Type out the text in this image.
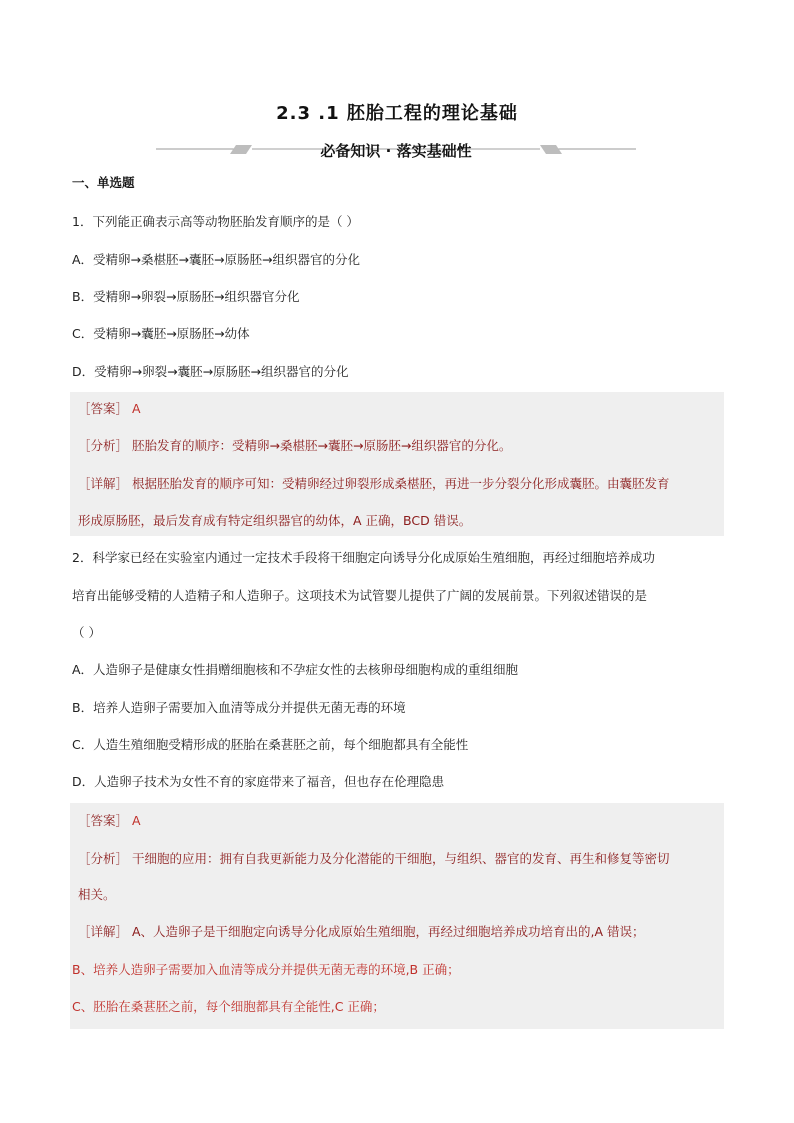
2.3 .1 胚胎工程的理论基础
必备知识 · 落实基础性
一、单选题
1．下列能正确表示高等动物胚胎发育顺序的是（ ）
A．受精卵→桑椹胚→囊胚→原肠胚→组织器官的分化
B．受精卵→卵裂→原肠胚→组织器官分化
C．受精卵→囊胚→原肠胚→幼体
D．受精卵→卵裂→囊胚→原肠胚→组织器官的分化
［答案］ A
［分析］ 胚胎发育的顺序：受精卵→桑椹胚→囊胚→原肠胚→组织器官的分化。
［详解］ 根据胚胎发育的顺序可知：受精卵经过卵裂形成桑椹胚，再进一步分裂分化形成囊胚。由囊胚发育
形成原肠胚，最后发育成有特定组织器官的幼体，A 正确，BCD 错误。
2．科学家已经在实验室内通过一定技术手段将干细胞定向诱导分化成原始生殖细胞，再经过细胞培养成功
培育出能够受精的人造精子和人造卵子。这项技术为试管婴儿提供了广阔的发展前景。下列叙述错误的是
（ ）
A．人造卵子是健康女性捐赠细胞核和不孕症女性的去核卵母细胞构成的重组细胞
B．培养人造卵子需要加入血清等成分并提供无菌无毒的环境
C．人造生殖细胞受精形成的胚胎在桑葚胚之前，每个细胞都具有全能性
D．人造卵子技术为女性不育的家庭带来了福音，但也存在伦理隐患
［答案］ A
［分析］ 干细胞的应用：拥有自我更新能力及分化潜能的干细胞，与组织、器官的发育、再生和修复等密切
相关。
［详解］ A、人造卵子是干细胞定向诱导分化成原始生殖细胞，再经过细胞培养成功培育出的,A 错误；
B、培养人造卵子需要加入血清等成分并提供无菌无毒的环境,B 正确；
C、胚胎在桑葚胚之前，每个细胞都具有全能性,C 正确；
